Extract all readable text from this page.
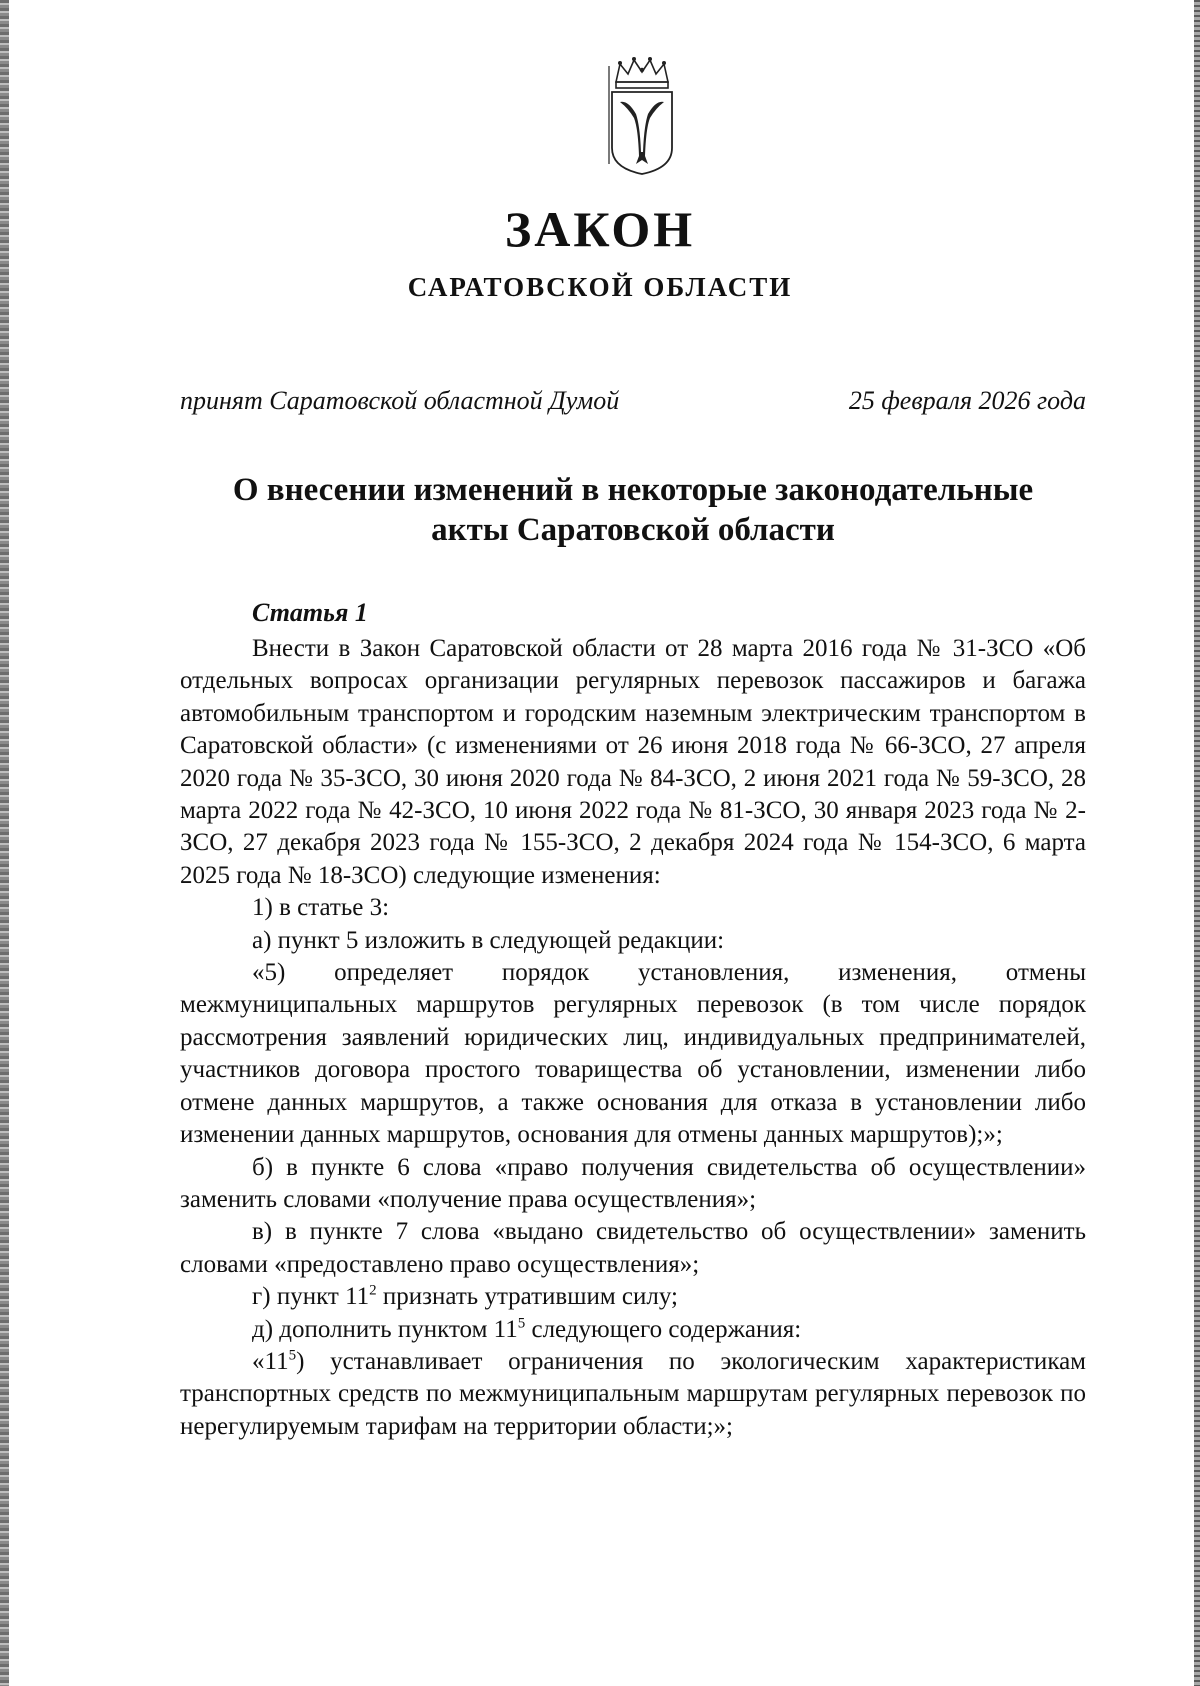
ЗАКОН
САРАТОВСКОЙ ОБЛАСТИ
принят Саратовской областной Думой	25 февраля 2026 года
О внесении изменений в некоторые законодательные
акты Саратовской области
Статья 1

Внести в Закон Саратовской области от 28 марта 2016 года № 31-ЗСО «Об отдельных вопросах организации регулярных перевозок пассажиров и багажа автомобильным транспортом и городским наземным электрическим транспортом в Саратовской области» (с изменениями от 26 июня 2018 года № 66-ЗСО, 27 апреля 2020 года № 35-ЗСО, 30 июня 2020 года № 84-ЗСО, 2 июня 2021 года № 59-ЗСО, 28 марта 2022 года № 42-ЗСО, 10 июня 2022 года № 81-ЗСО, 30 января 2023 года № 2-ЗСО, 27 декабря 2023 года № 155-ЗСО, 2 декабря 2024 года № 154-ЗСО, 6 марта 2025 года № 18-ЗСО) следующие изменения:

1) в статье 3:

а) пункт 5 изложить в следующей редакции:

«5) определяет порядок установления, изменения, отмены межмуниципальных маршрутов регулярных перевозок (в том числе порядок рассмотрения заявлений юридических лиц, индивидуальных предпринимателей, участников договора простого товарищества об установлении, изменении либо отмене данных маршрутов, а также основания для отказа в установлении либо изменении данных маршрутов, основания для отмены данных маршрутов);»;

б) в пункте 6 слова «право получения свидетельства об осуществлении» заменить словами «получение права осуществления»;

в) в пункте 7 слова «выдано свидетельство об осуществлении» заменить словами «предоставлено право осуществления»;

г) пункт $11^2$ признать утратившим силу;

д) дополнить пунктом $11^5$ следующего содержания:

«$11^5$) устанавливает ограничения по экологическим характеристикам транспортных средств по межмуниципальным маршрутам регулярных перевозок по нерегулируемым тарифам на территории области;»;
